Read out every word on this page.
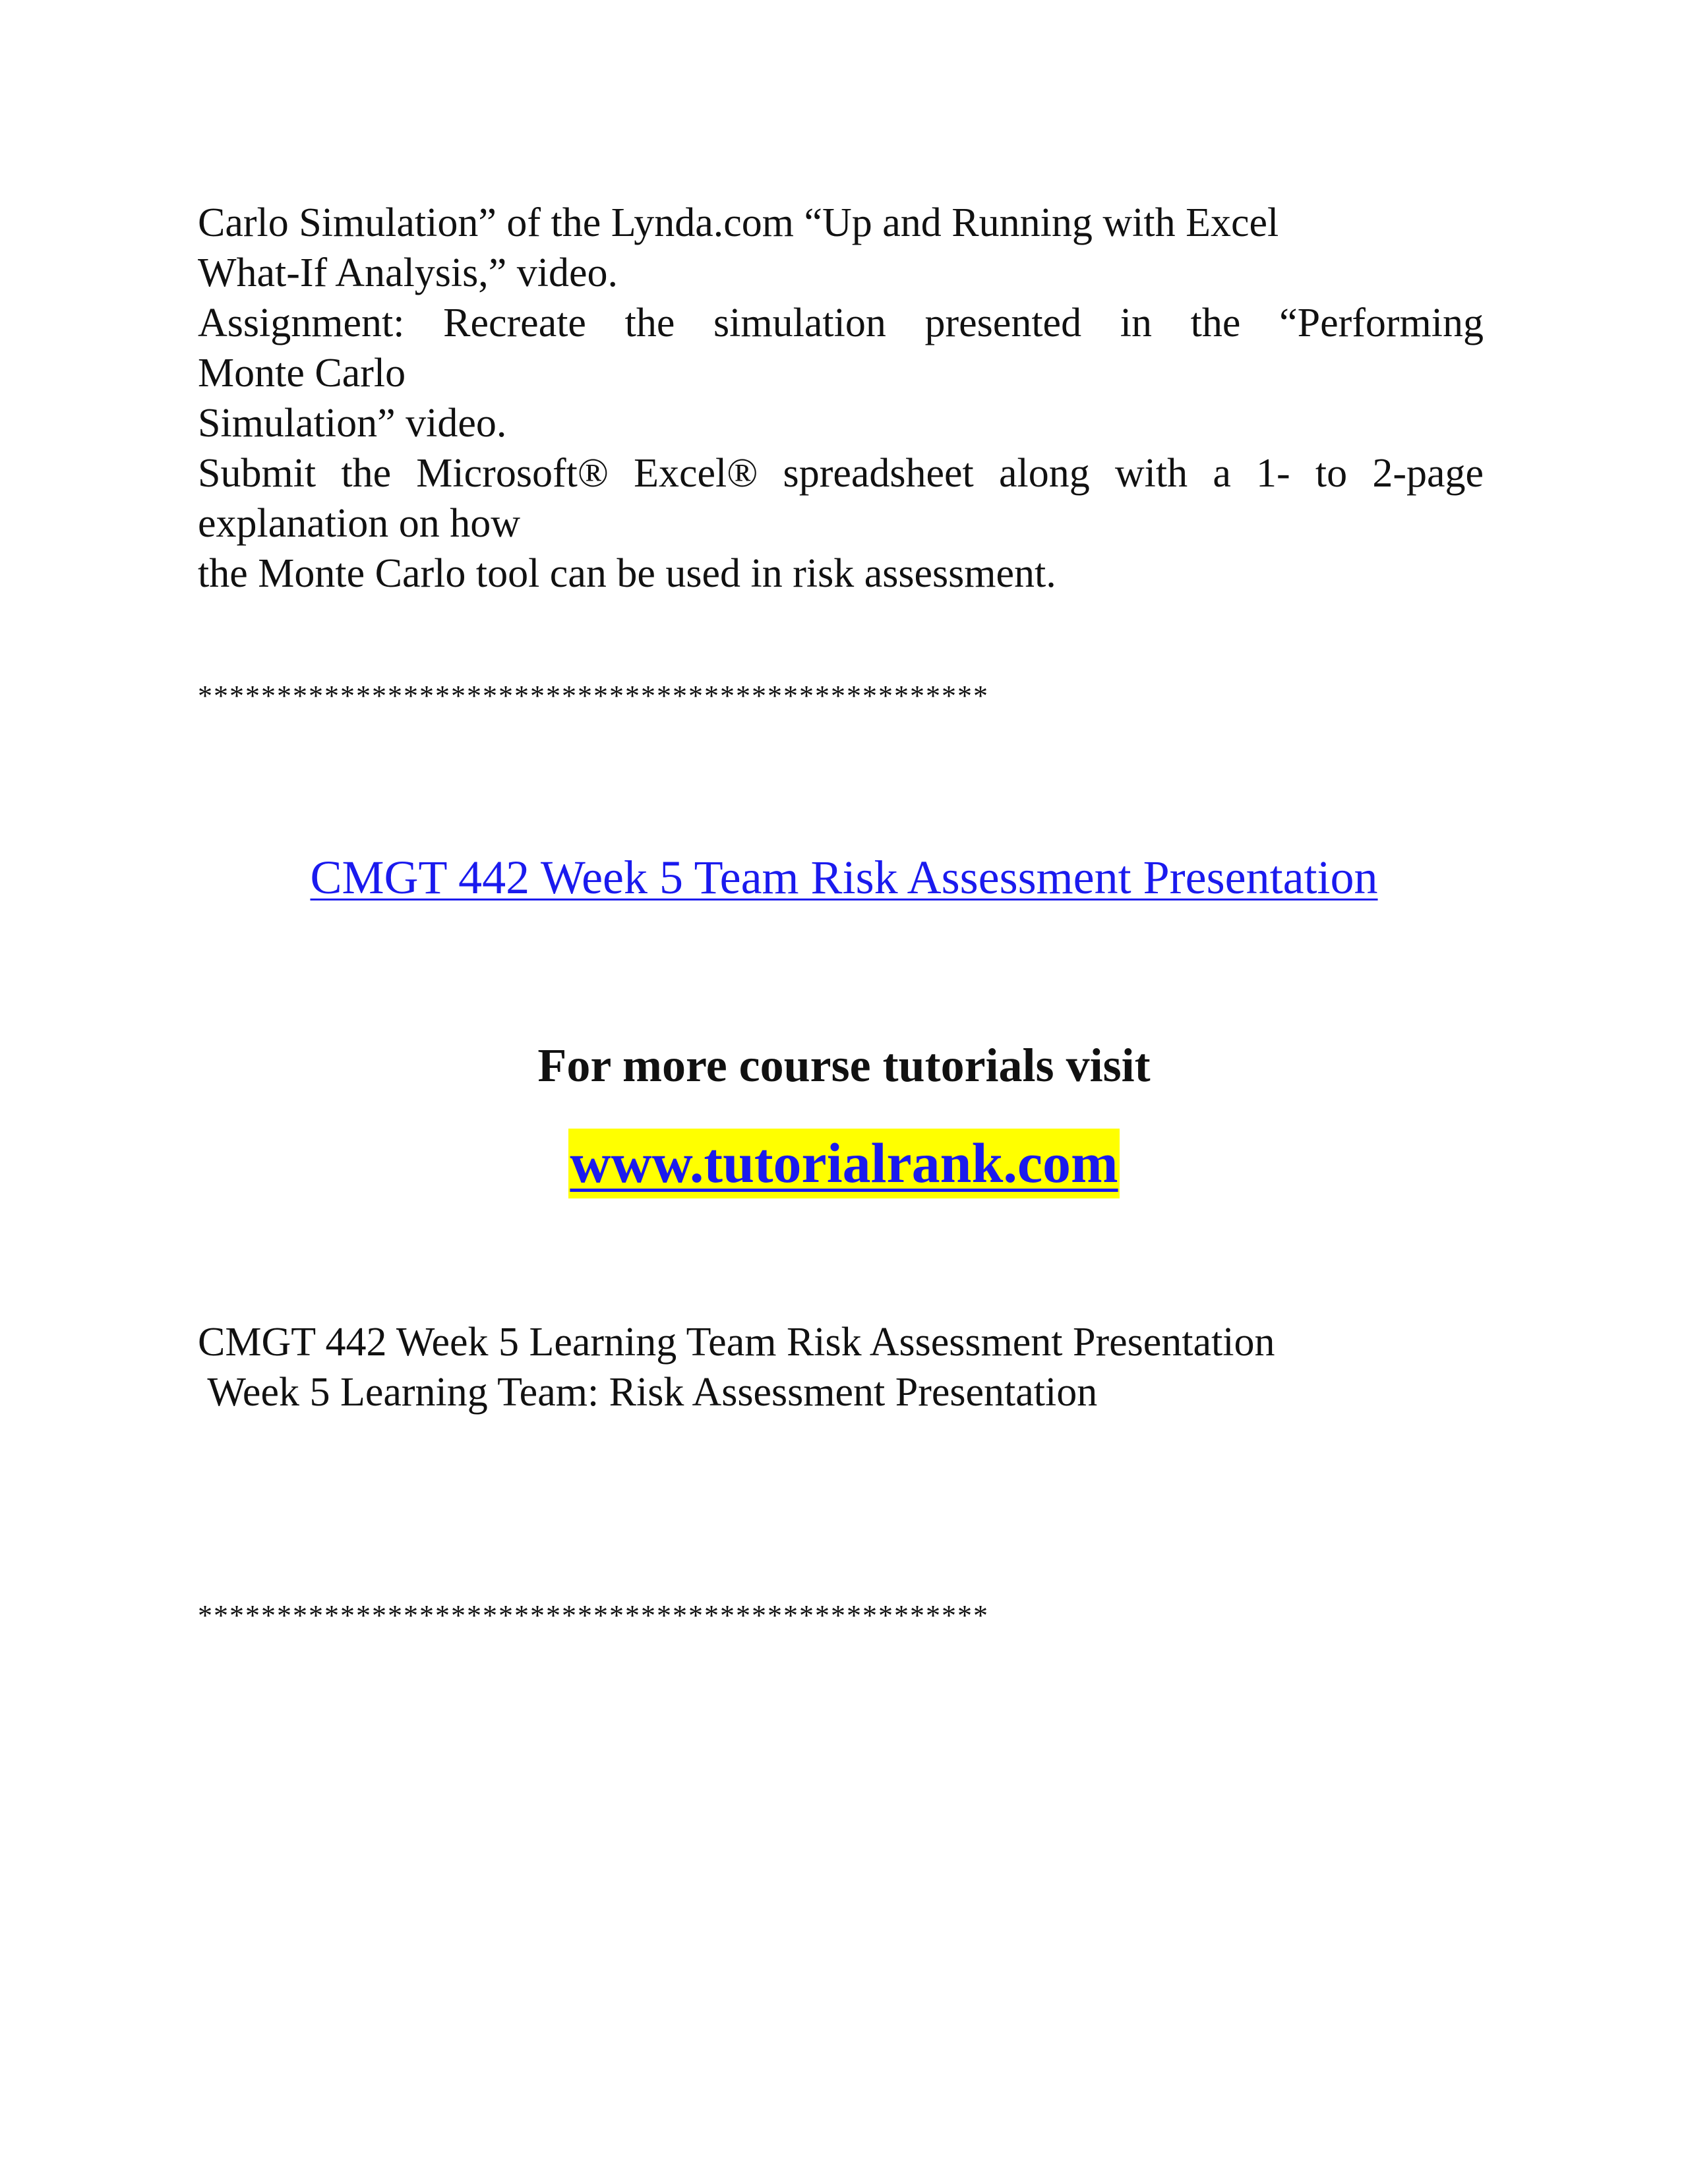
Carlo Simulation” of the Lynda.com “Up and Running with Excel
What-If Analysis,” video.
Assignment: Recreate the simulation presented in the “Performing
Monte Carlo
Simulation” video.
Submit the Microsoft® Excel® spreadsheet along with a 1- to 2-page
explanation on how
the Monte Carlo tool can be used in risk assessment.
**************************************************
CMGT 442 Week 5 Team Risk Assessment Presentation
For more course tutorials visit
www.tutorialrank.com
CMGT 442 Week 5 Learning Team Risk Assessment Presentation
Week 5 Learning Team: Risk Assessment Presentation
**************************************************
